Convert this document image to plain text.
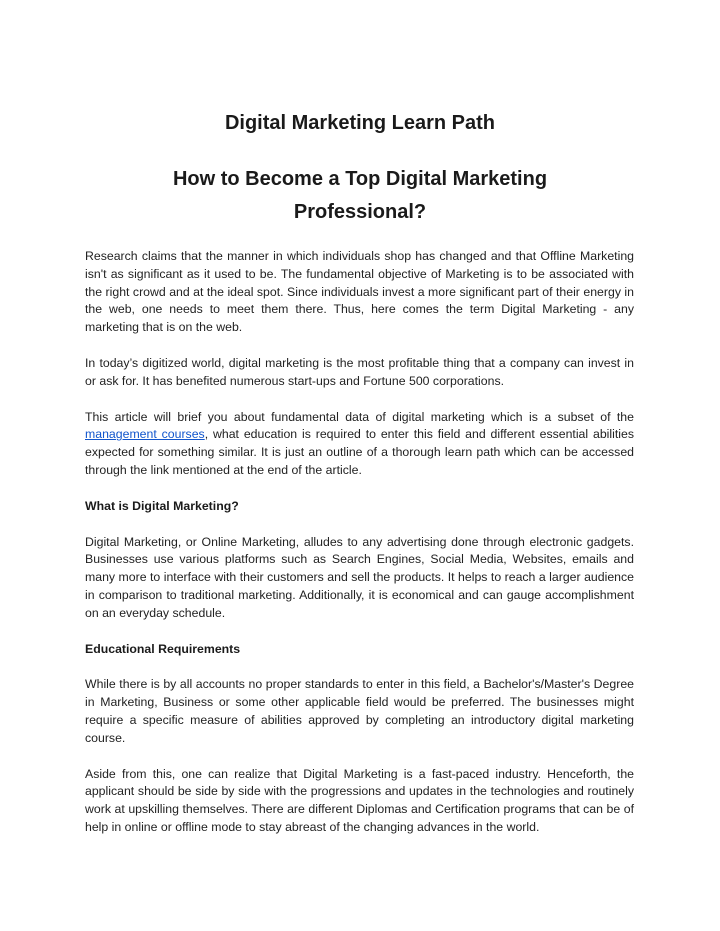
Digital Marketing Learn Path
How to Become a Top Digital Marketing Professional?

Research claims that the manner in which individuals shop has changed and that Offline Marketing isn't as significant as it used to be. The fundamental objective of Marketing is to be associated with the right crowd and at the ideal spot. Since individuals invest a more significant part of their energy in the web, one needs to meet them there. Thus, here comes the term Digital Marketing - any marketing that is on the web.

In today’s digitized world, digital marketing is the most profitable thing that a company can invest in or ask for. It has benefited numerous start-ups and Fortune 500 corporations.

This article will brief you about fundamental data of digital marketing which is a subset of the management courses, what education is required to enter this field and different essential abilities expected for something similar. It is just an outline of a thorough learn path which can be accessed through the link mentioned at the end of the article.

What is Digital Marketing?

Digital Marketing, or Online Marketing, alludes to any advertising done through electronic gadgets. Businesses use various platforms such as Search Engines, Social Media, Websites, emails and many more to interface with their customers and sell the products. It helps to reach a larger audience in comparison to traditional marketing. Additionally, it is economical and can gauge accomplishment on an everyday schedule.

Educational Requirements

While there is by all accounts no proper standards to enter in this field, a Bachelor's/Master's Degree in Marketing, Business or some other applicable field would be preferred. The businesses might require a specific measure of abilities approved by completing an introductory digital marketing course.

Aside from this, one can realize that Digital Marketing is a fast-paced industry. Henceforth, the applicant should be side by side with the progressions and updates in the technologies and routinely work at upskilling themselves. There are different Diplomas and Certification programs that can be of help in online or offline mode to stay abreast of the changing advances in the world.
